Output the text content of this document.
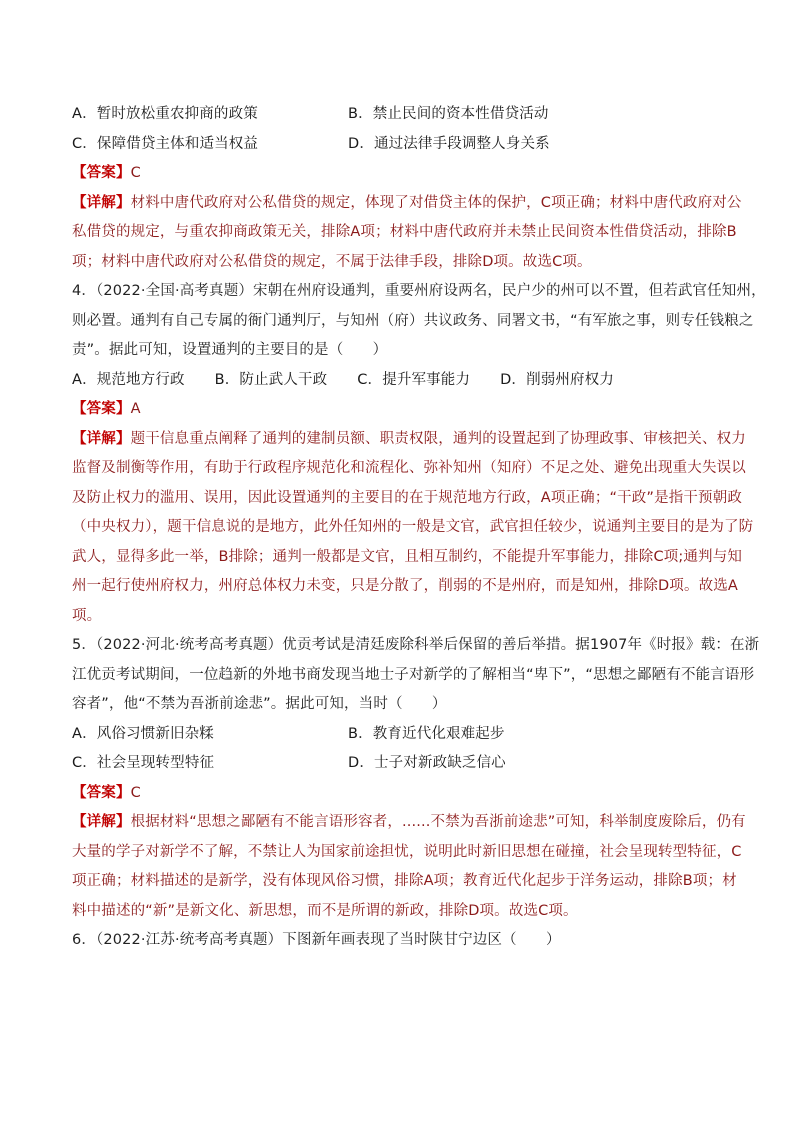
A．暂时放松重农抑商的政策	B．禁止民间的资本性借贷活动
C．保障借贷主体和适当权益	D．通过法律手段调整人身关系
【答案】C
【详解】材料中唐代政府对公私借贷的规定，体现了对借贷主体的保护，C项正确；材料中唐代政府对公
私借贷的规定，与重农抑商政策无关，排除A项；材料中唐代政府并未禁止民间资本性借贷活动，排除B
项；材料中唐代政府对公私借贷的规定，不属于法律手段，排除D项。故选C项。
4．（2022·全国·高考真题）宋朝在州府设通判，重要州府设两名，民户少的州可以不置，但若武官任知州，
则必置。通判有自己专属的衙门通判厅，与知州（府）共议政务、同署文书，“有军旅之事，则专任钱粮之
责”。据此可知，设置通判的主要目的是（　　）
A．规范地方行政 B．防止武人干政 C．提升军事能力 D．削弱州府权力
【答案】A
【详解】题干信息重点阐释了通判的建制员额、职责权限，通判的设置起到了协理政事、审核把关、权力
监督及制衡等作用，有助于行政程序规范化和流程化、弥补知州（知府）不足之处、避免出现重大失误以
及防止权力的滥用、误用，因此设置通判的主要目的在于规范地方行政，A项正确；“干政”是指干预朝政
（中央权力），题干信息说的是地方，此外任知州的一般是文官，武官担任较少，说通判主要目的是为了防
武人，显得多此一举，B排除；通判一般都是文官，且相互制约，不能提升军事能力，排除C项;通判与知
州一起行使州府权力，州府总体权力未变，只是分散了，削弱的不是州府，而是知州，排除D项。故选A
项。
5．（2022·河北·统考高考真题）优贡考试是清廷废除科举后保留的善后举措。据1907年《时报》载：在浙
江优贡考试期间，一位趋新的外地书商发现当地士子对新学的了解相当“卑下”，“思想之鄙陋有不能言语形
容者”，他“不禁为吾浙前途悲”。据此可知，当时（　　）
A．风俗习惯新旧杂糅	B．教育近代化艰难起步
C．社会呈现转型特征	D．士子对新政缺乏信心
【答案】C
【详解】根据材料“思想之鄙陋有不能言语形容者，......不禁为吾浙前途悲”可知，科举制度废除后，仍有
大量的学子对新学不了解，不禁让人为国家前途担忧，说明此时新旧思想在碰撞，社会呈现转型特征，C
项正确；材料描述的是新学，没有体现风俗习惯，排除A项；教育近代化起步于洋务运动，排除B项；材
料中描述的“新”是新文化、新思想，而不是所谓的新政，排除D项。故选C项。
6．（2022·江苏·统考高考真题）下图新年画表现了当时陕甘宁边区（　　）
